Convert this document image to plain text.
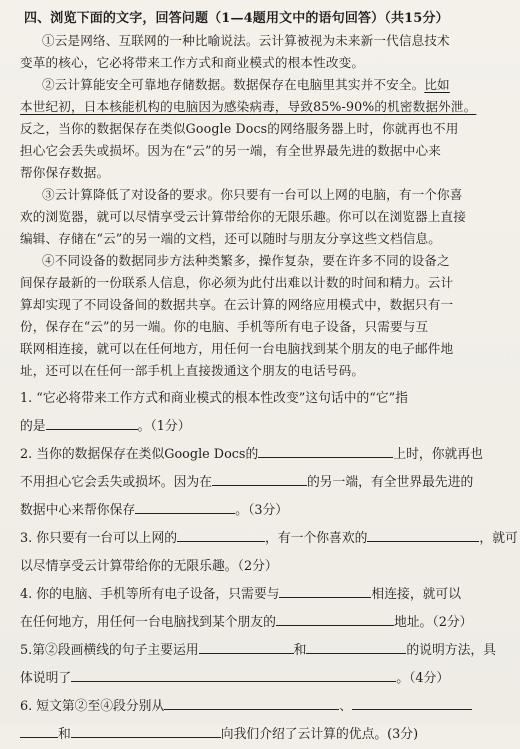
四、浏览下面的文字，回答问题（1—4题用文中的语句回答）（共15分）
①云是网络、互联网的一种比喻说法。云计算被视为未来新一代信息技术
变革的核心，它必将带来工作方式和商业模式的根本性改变。
②云计算能安全可靠地存储数据。数据保存在电脑里其实并不安全。比如
本世纪初，日本核能机构的电脑因为感染病毒，导致85%-90%的机密数据外泄。
反之，当你的数据保存在类似Google Docs的网络服务器上时，你就再也不用
担心它会丢失或损坏。因为在“云”的另一端，有全世界最先进的数据中心来
帮你保存数据。
③云计算降低了对设备的要求。你只要有一台可以上网的电脑，有一个你喜
欢的浏览器，就可以尽情享受云计算带给你的无限乐趣。你可以在浏览器上直接
编辑、存储在“云”的另一端的文档，还可以随时与朋友分享这些文档信息。
④不同设备的数据同步方法种类繁多，操作复杂，要在许多不同的设备之
间保存最新的一份联系人信息，你必须为此付出难以计数的时间和精力。云计
算却实现了不同设备间的数据共享。在云计算的网络应用模式中，数据只有一
份，保存在“云”的另一端。你的电脑、手机等所有电子设备，只需要与互
联网相连接，就可以在任何地方，用任何一台电脑找到某个朋友的电子邮件地
址，还可以在任何一部手机上直接拨通这个朋友的电话号码。
1. “它必将带来工作方式和商业模式的根本性改变”这句话中的“它”指
的是	。（1分）
2. 当你的数据保存在类似Google Docs的	上时，你就再也
不用担心它会丢失或损坏。因为在	的另一端，有全世界最先进的
数据中心来帮你保存	。（3分）
3. 你只要有一台可以上网的	，有一个你喜欢的	，就可
以尽情享受云计算带给你的无限乐趣。（2分）
4. 你的电脑、手机等所有电子设备，只需要与	相连接，就可以
在任何地方，用任何一台电脑找到某个朋友的	地址。（2分）
5.第②段画横线的句子主要运用	和	的说明方法，具
体说明了	。（4分）
6. 短文第②至④段分别从	、
和	向我们介绍了云计算的优点。(3分)
